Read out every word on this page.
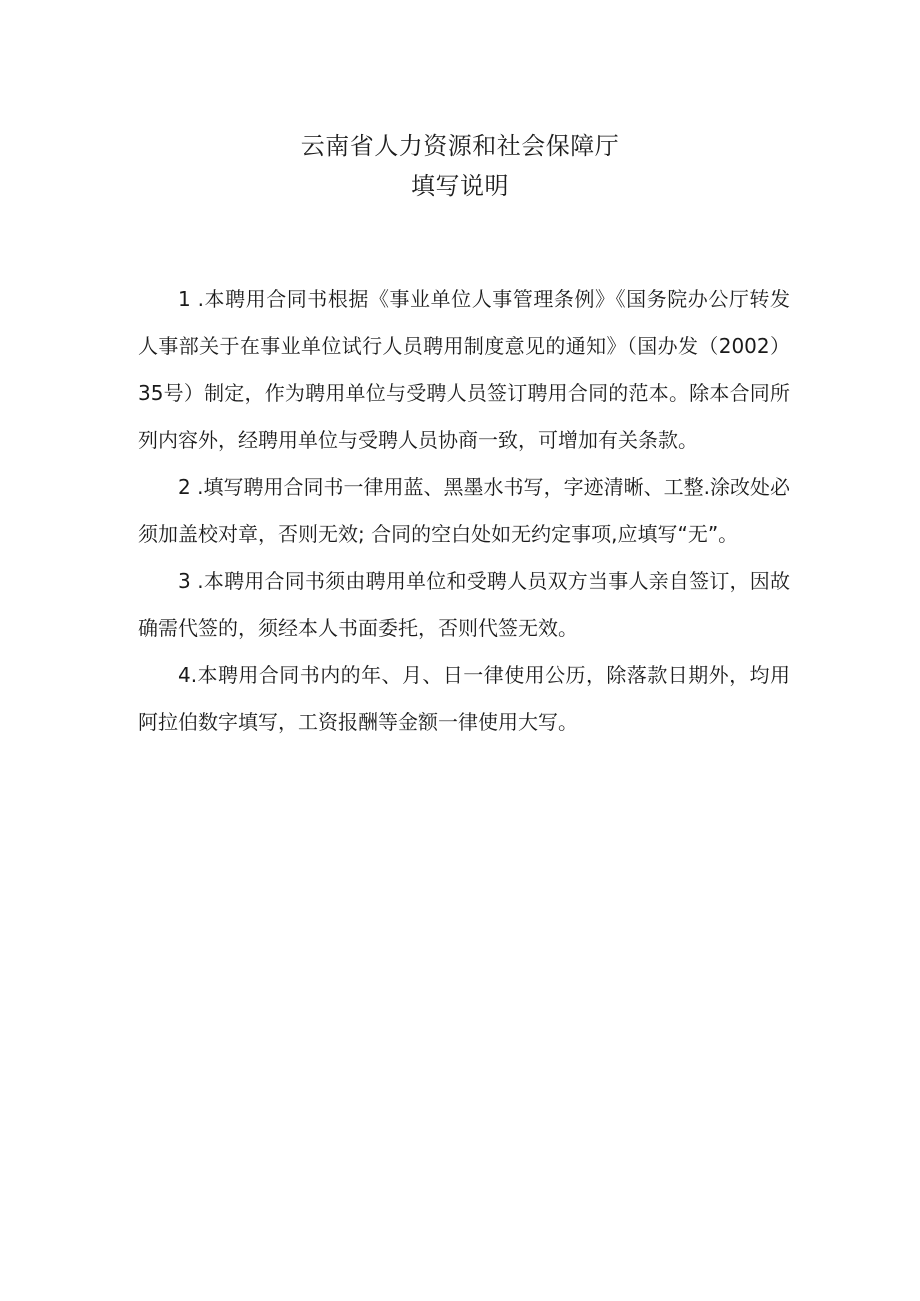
云南省人力资源和社会保障厅
填写说明

1 .本聘用合同书根据《事业单位人事管理条例》《国务院办公厅转发人事部关于在事业单位试行人员聘用制度意见的通知》（国办发（2002）35号）制定，作为聘用单位与受聘人员签订聘用合同的范本。除本合同所列内容外，经聘用单位与受聘人员协商一致，可增加有关条款。

2 .填写聘用合同书一律用蓝、黑墨水书写，字迹清晰、工整.涂改处必须加盖校对章，否则无效; 合同的空白处如无约定事项,应填写“无”。

3 .本聘用合同书须由聘用单位和受聘人员双方当事人亲自签订，因故确需代签的，须经本人书面委托，否则代签无效。

4.本聘用合同书内的年、月、日一律使用公历，除落款日期外，均用阿拉伯数字填写，工资报酬等金额一律使用大写。
